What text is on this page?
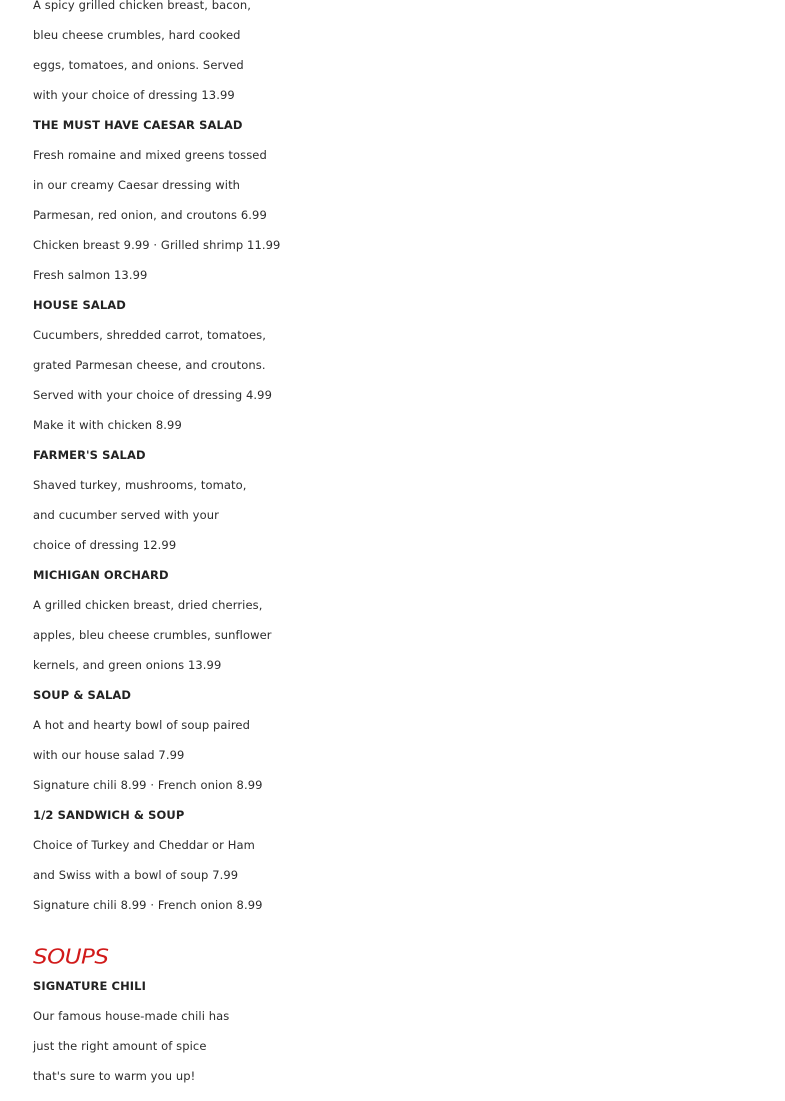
A spicy grilled chicken breast, bacon,
bleu cheese crumbles, hard cooked
eggs, tomatoes, and onions. Served
with your choice of dressing 13.99
THE MUST HAVE CAESAR SALAD
Fresh romaine and mixed greens tossed
in our creamy Caesar dressing with
Parmesan, red onion, and croutons 6.99
Chicken breast 9.99 · Grilled shrimp 11.99
Fresh salmon 13.99
HOUSE SALAD
Cucumbers, shredded carrot, tomatoes,
grated Parmesan cheese, and croutons.
Served with your choice of dressing 4.99
Make it with chicken 8.99
FARMER'S SALAD
Shaved turkey, mushrooms, tomato,
and cucumber served with your
choice of dressing 12.99
MICHIGAN ORCHARD
A grilled chicken breast, dried cherries,
apples, bleu cheese crumbles, sunflower
kernels, and green onions 13.99
SOUP & SALAD
A hot and hearty bowl of soup paired
with our house salad 7.99
Signature chili 8.99 · French onion 8.99
1/2 SANDWICH & SOUP
Choice of Turkey and Cheddar or Ham
and Swiss with a bowl of soup 7.99
Signature chili 8.99 · French onion 8.99
SOUPS
SIGNATURE CHILI
Our famous house-made chili has
just the right amount of spice
that's sure to warm you up!
